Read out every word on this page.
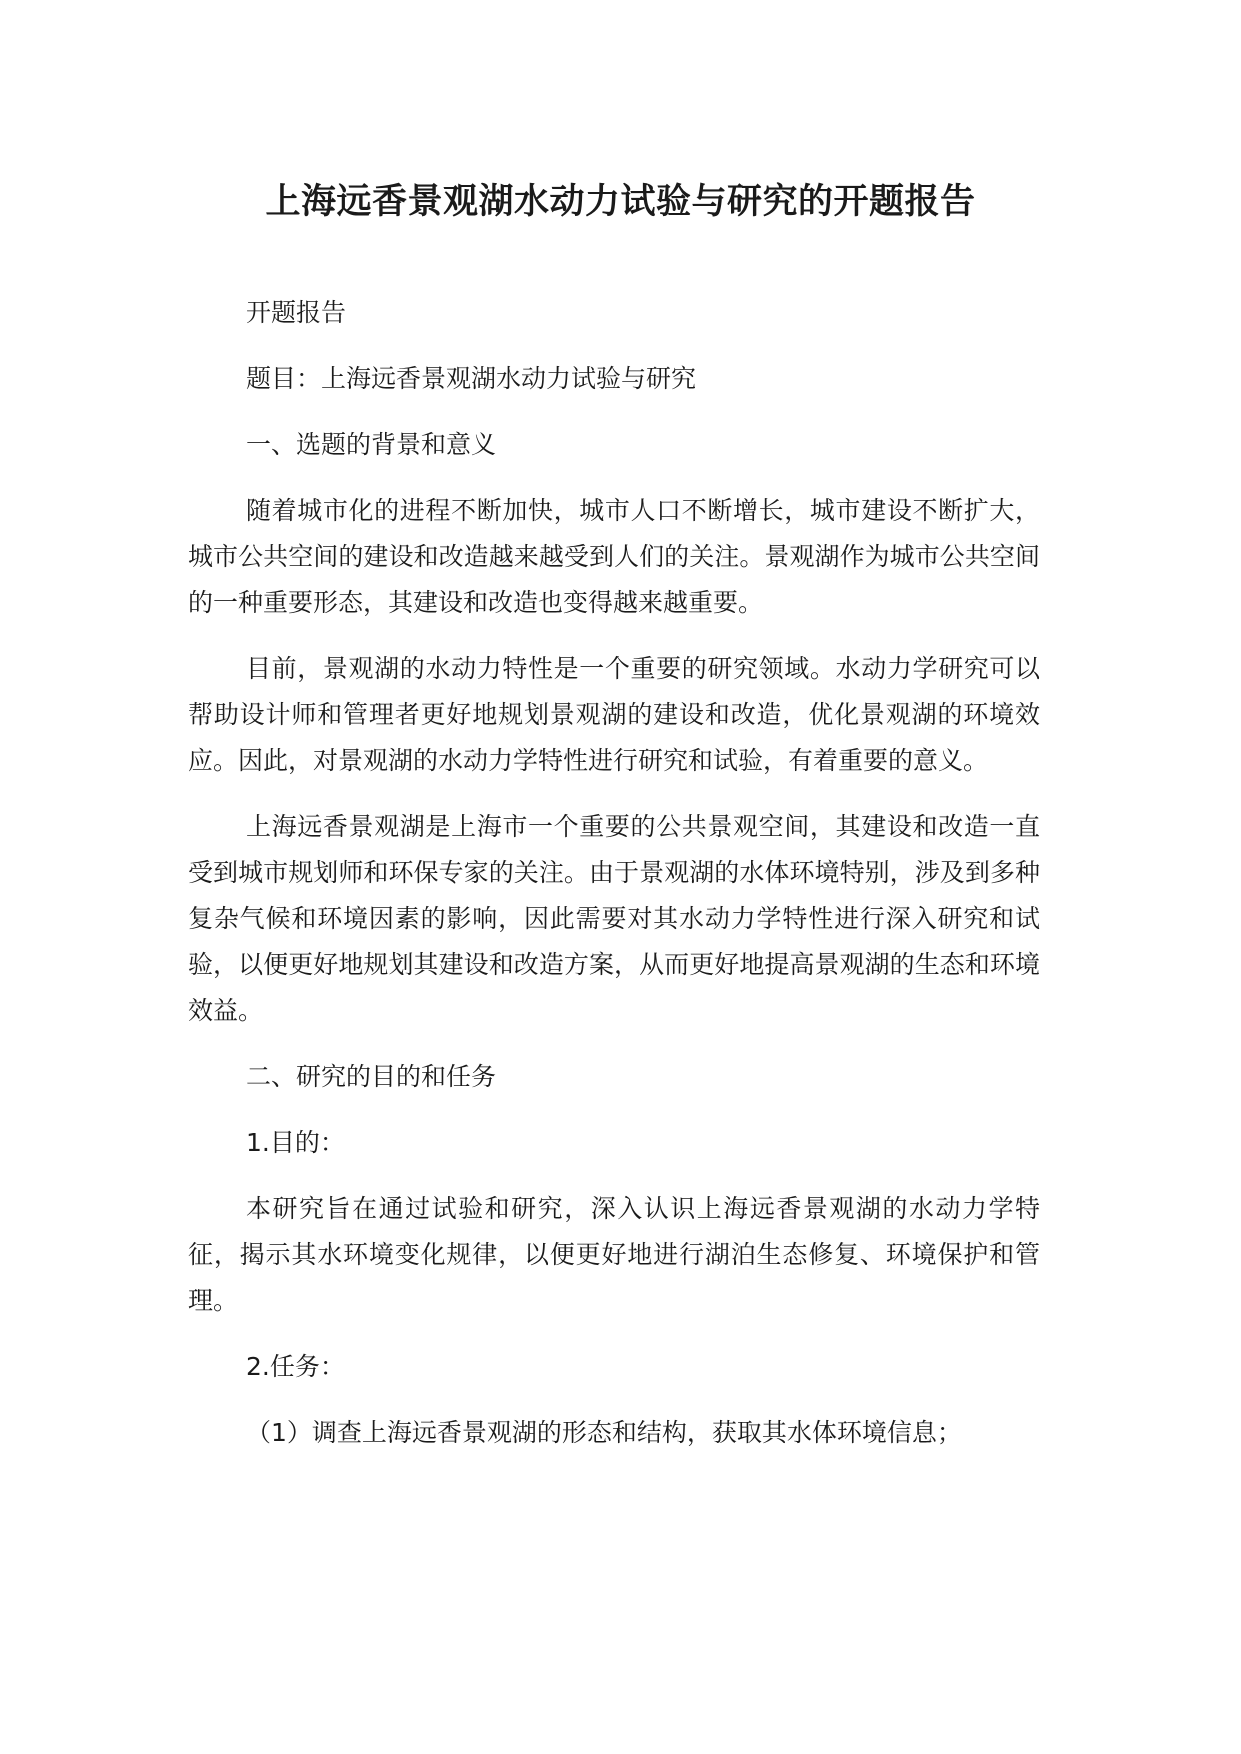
上海远香景观湖水动力试验与研究的开题报告

开题报告

题目：上海远香景观湖水动力试验与研究

一、选题的背景和意义

随着城市化的进程不断加快，城市人口不断增长，城市建设不断扩大，城市公共空间的建设和改造越来越受到人们的关注。景观湖作为城市公共空间的一种重要形态，其建设和改造也变得越来越重要。

目前，景观湖的水动力特性是一个重要的研究领域。水动力学研究可以帮助设计师和管理者更好地规划景观湖的建设和改造，优化景观湖的环境效应。因此，对景观湖的水动力学特性进行研究和试验，有着重要的意义。

上海远香景观湖是上海市一个重要的公共景观空间，其建设和改造一直受到城市规划师和环保专家的关注。由于景观湖的水体环境特别，涉及到多种复杂气候和环境因素的影响，因此需要对其水动力学特性进行深入研究和试验，以便更好地规划其建设和改造方案，从而更好地提高景观湖的生态和环境效益。

二、研究的目的和任务

1.目的：

本研究旨在通过试验和研究，深入认识上海远香景观湖的水动力学特征，揭示其水环境变化规律，以便更好地进行湖泊生态修复、环境保护和管理。

2.任务：

（1）调查上海远香景观湖的形态和结构，获取其水体环境信息；
